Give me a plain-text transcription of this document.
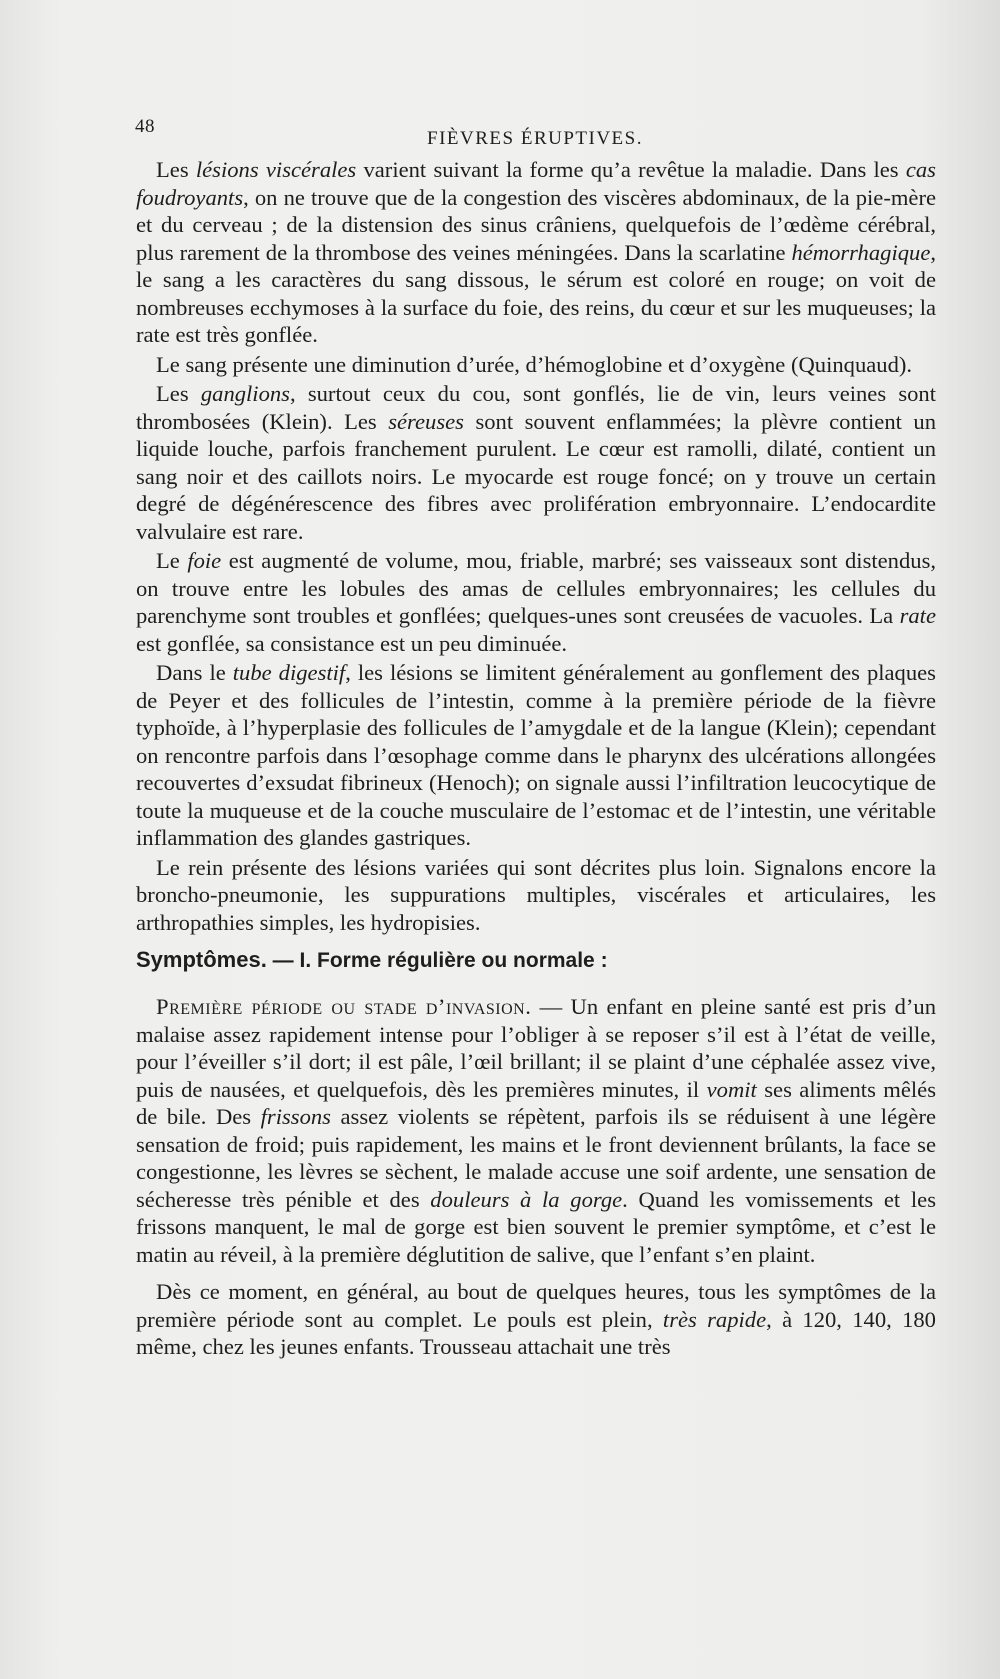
48
FIÈVRES ÉRUPTIVES.

Les lésions viscérales varient suivant la forme qu’a revêtue la maladie. Dans les cas foudroyants, on ne trouve que de la congestion des viscères abdominaux, de la pie-mère et du cerveau ; de la distension des sinus crâniens, quelquefois de l’œdème cérébral, plus rarement de la thrombose des veines méningées. Dans la scarlatine hémorrhagique, le sang a les caractères du sang dissous, le sérum est coloré en rouge; on voit de nombreuses ecchymoses à la surface du foie, des reins, du cœur et sur les muqueuses; la rate est très gonflée.

Le sang présente une diminution d’urée, d’hémoglobine et d’oxygène (Quinquaud).

Les ganglions, surtout ceux du cou, sont gonflés, lie de vin, leurs veines sont thrombosées (Klein). Les séreuses sont souvent enflammées; la plèvre contient un liquide louche, parfois franchement purulent. Le cœur est ramolli, dilaté, contient un sang noir et des caillots noirs. Le myocarde est rouge foncé; on y trouve un certain degré de dégénérescence des fibres avec prolifération embryonnaire. L’endocardite valvulaire est rare.

Le foie est augmenté de volume, mou, friable, marbré; ses vaisseaux sont distendus, on trouve entre les lobules des amas de cellules embryonnaires; les cellules du parenchyme sont troubles et gonflées; quelques-unes sont creusées de vacuoles. La rate est gonflée, sa consistance est un peu diminuée.

Dans le tube digestif, les lésions se limitent généralement au gonflement des plaques de Peyer et des follicules de l’intestin, comme à la première période de la fièvre typhoïde, à l’hyperplasie des follicules de l’amygdale et de la langue (Klein); cependant on rencontre parfois dans l’œsophage comme dans le pharynx des ulcérations allongées recouvertes d’exsudat fibrineux (Henoch); on signale aussi l’infiltration leucocytique de toute la muqueuse et de la couche musculaire de l’estomac et de l’intestin, une véritable inflammation des glandes gastriques.

Le rein présente des lésions variées qui sont décrites plus loin. Signalons encore la broncho-pneumonie, les suppurations multiples, viscérales et articulaires, les arthropathies simples, les hydropisies.

Symptômes. — I. Forme régulière ou normale :

Première période ou stade d’invasion. — Un enfant en pleine santé est pris d’un malaise assez rapidement intense pour l’obliger à se reposer s’il est à l’état de veille, pour l’éveiller s’il dort; il est pâle, l’œil brillant; il se plaint d’une céphalée assez vive, puis de nausées, et quelquefois, dès les premières minutes, il vomit ses aliments mêlés de bile. Des frissons assez violents se répètent, parfois ils se réduisent à une légère sensation de froid; puis rapidement, les mains et le front deviennent brûlants, la face se congestionne, les lèvres se sèchent, le malade accuse une soif ardente, une sensation de sécheresse très pénible et des douleurs à la gorge. Quand les vomissements et les frissons manquent, le mal de gorge est bien souvent le premier symptôme, et c’est le matin au réveil, à la première déglutition de salive, que l’enfant s’en plaint.

Dès ce moment, en général, au bout de quelques heures, tous les symptômes de la première période sont au complet. Le pouls est plein, très rapide, à 120, 140, 180 même, chez les jeunes enfants. Trousseau attachait une très
